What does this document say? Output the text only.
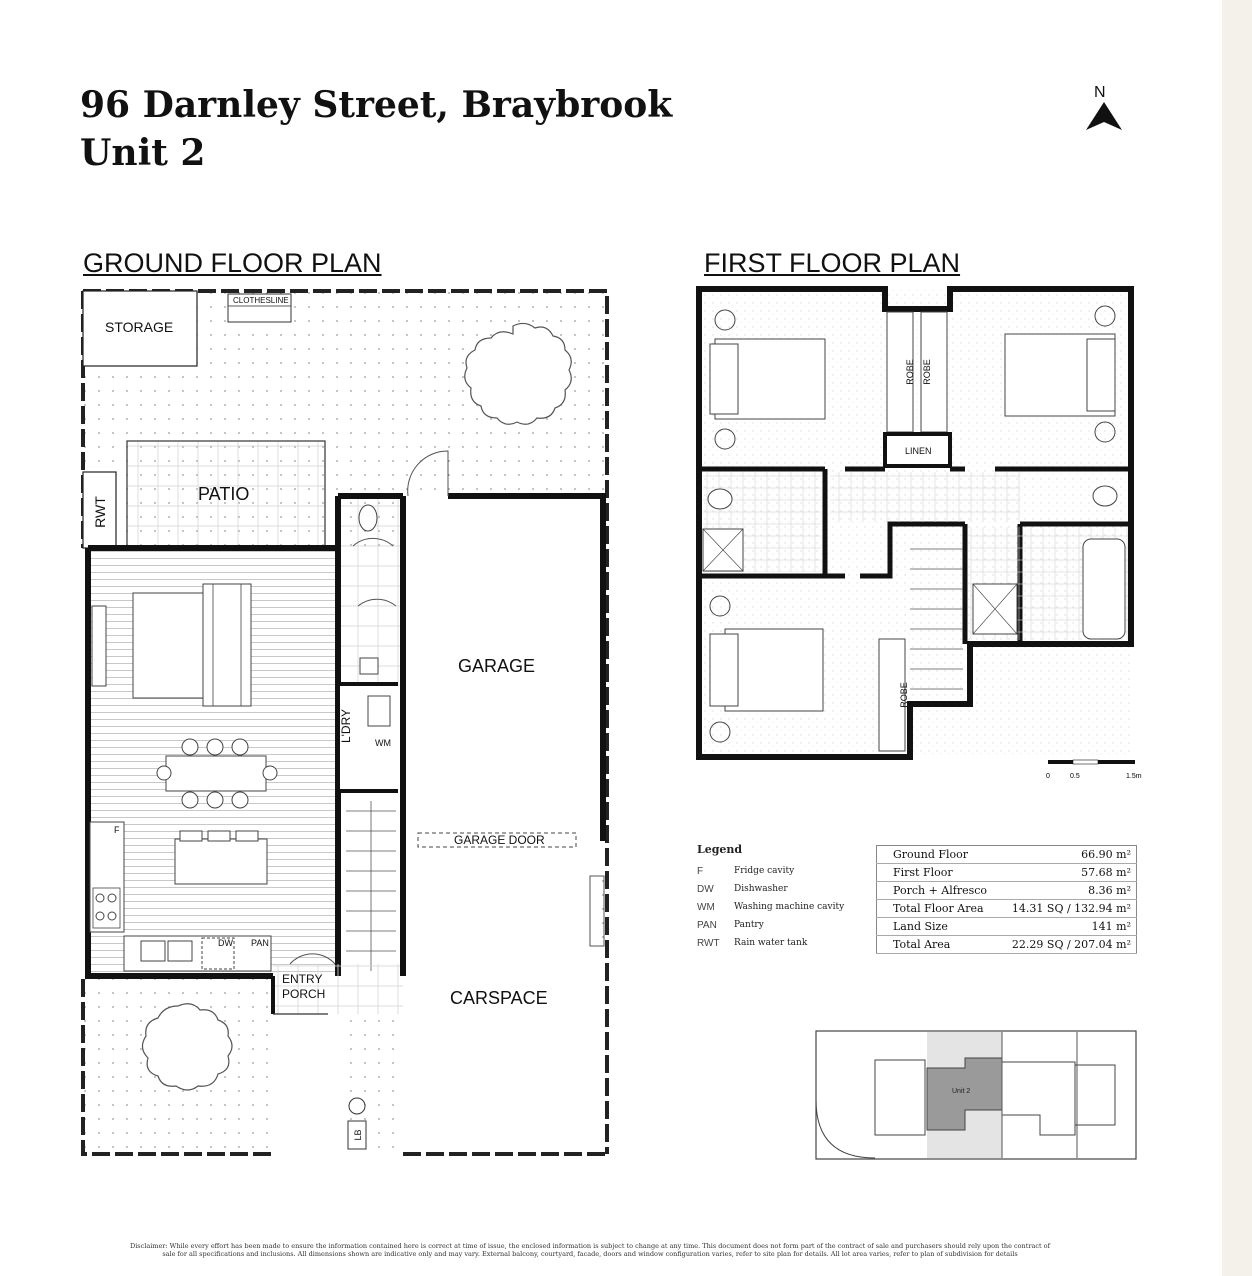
96 Darnley Street, Braybrook
Unit 2
N
GROUND FLOOR PLAN	FIRST FLOOR PLAN
STORAGE
CLOTHESLINE
RWT
PATIO
F
DW PAN
L'DRY WM
ENTRY
PORCH
GARAGE
GARAGE DOOR
CARSPACE
LB
ROBE ROBE
LINEN
ROBE
0	0.5	1.5m
Legend
F	Fridge cavity
DW	Dishwasher
WM	Washing machine cavity
PAN	Pantry
RWT	Rain water tank
Ground Floor	66.90 m²
First Floor	57.68 m²
Porch + Alfresco	8.36 m²
Total Floor Area	14.31 SQ / 132.94 m²
Land Size	141 m²
Total Area	22.29 SQ / 207.04 m²
Unit 2
Disclaimer: While every effort has been made to ensure the information contained here is correct at time of issue, the enclosed information is subject to change at any time. This document does not form part of the contract of sale and purchasers should rely upon the contract of sale for all specifications and inclusions. All dimensions shown are indicative only and may vary. External balcony, courtyard, facade, doors and window configuration varies, refer to site plan for details. All lot area varies, refer to plan of subdivision for details
